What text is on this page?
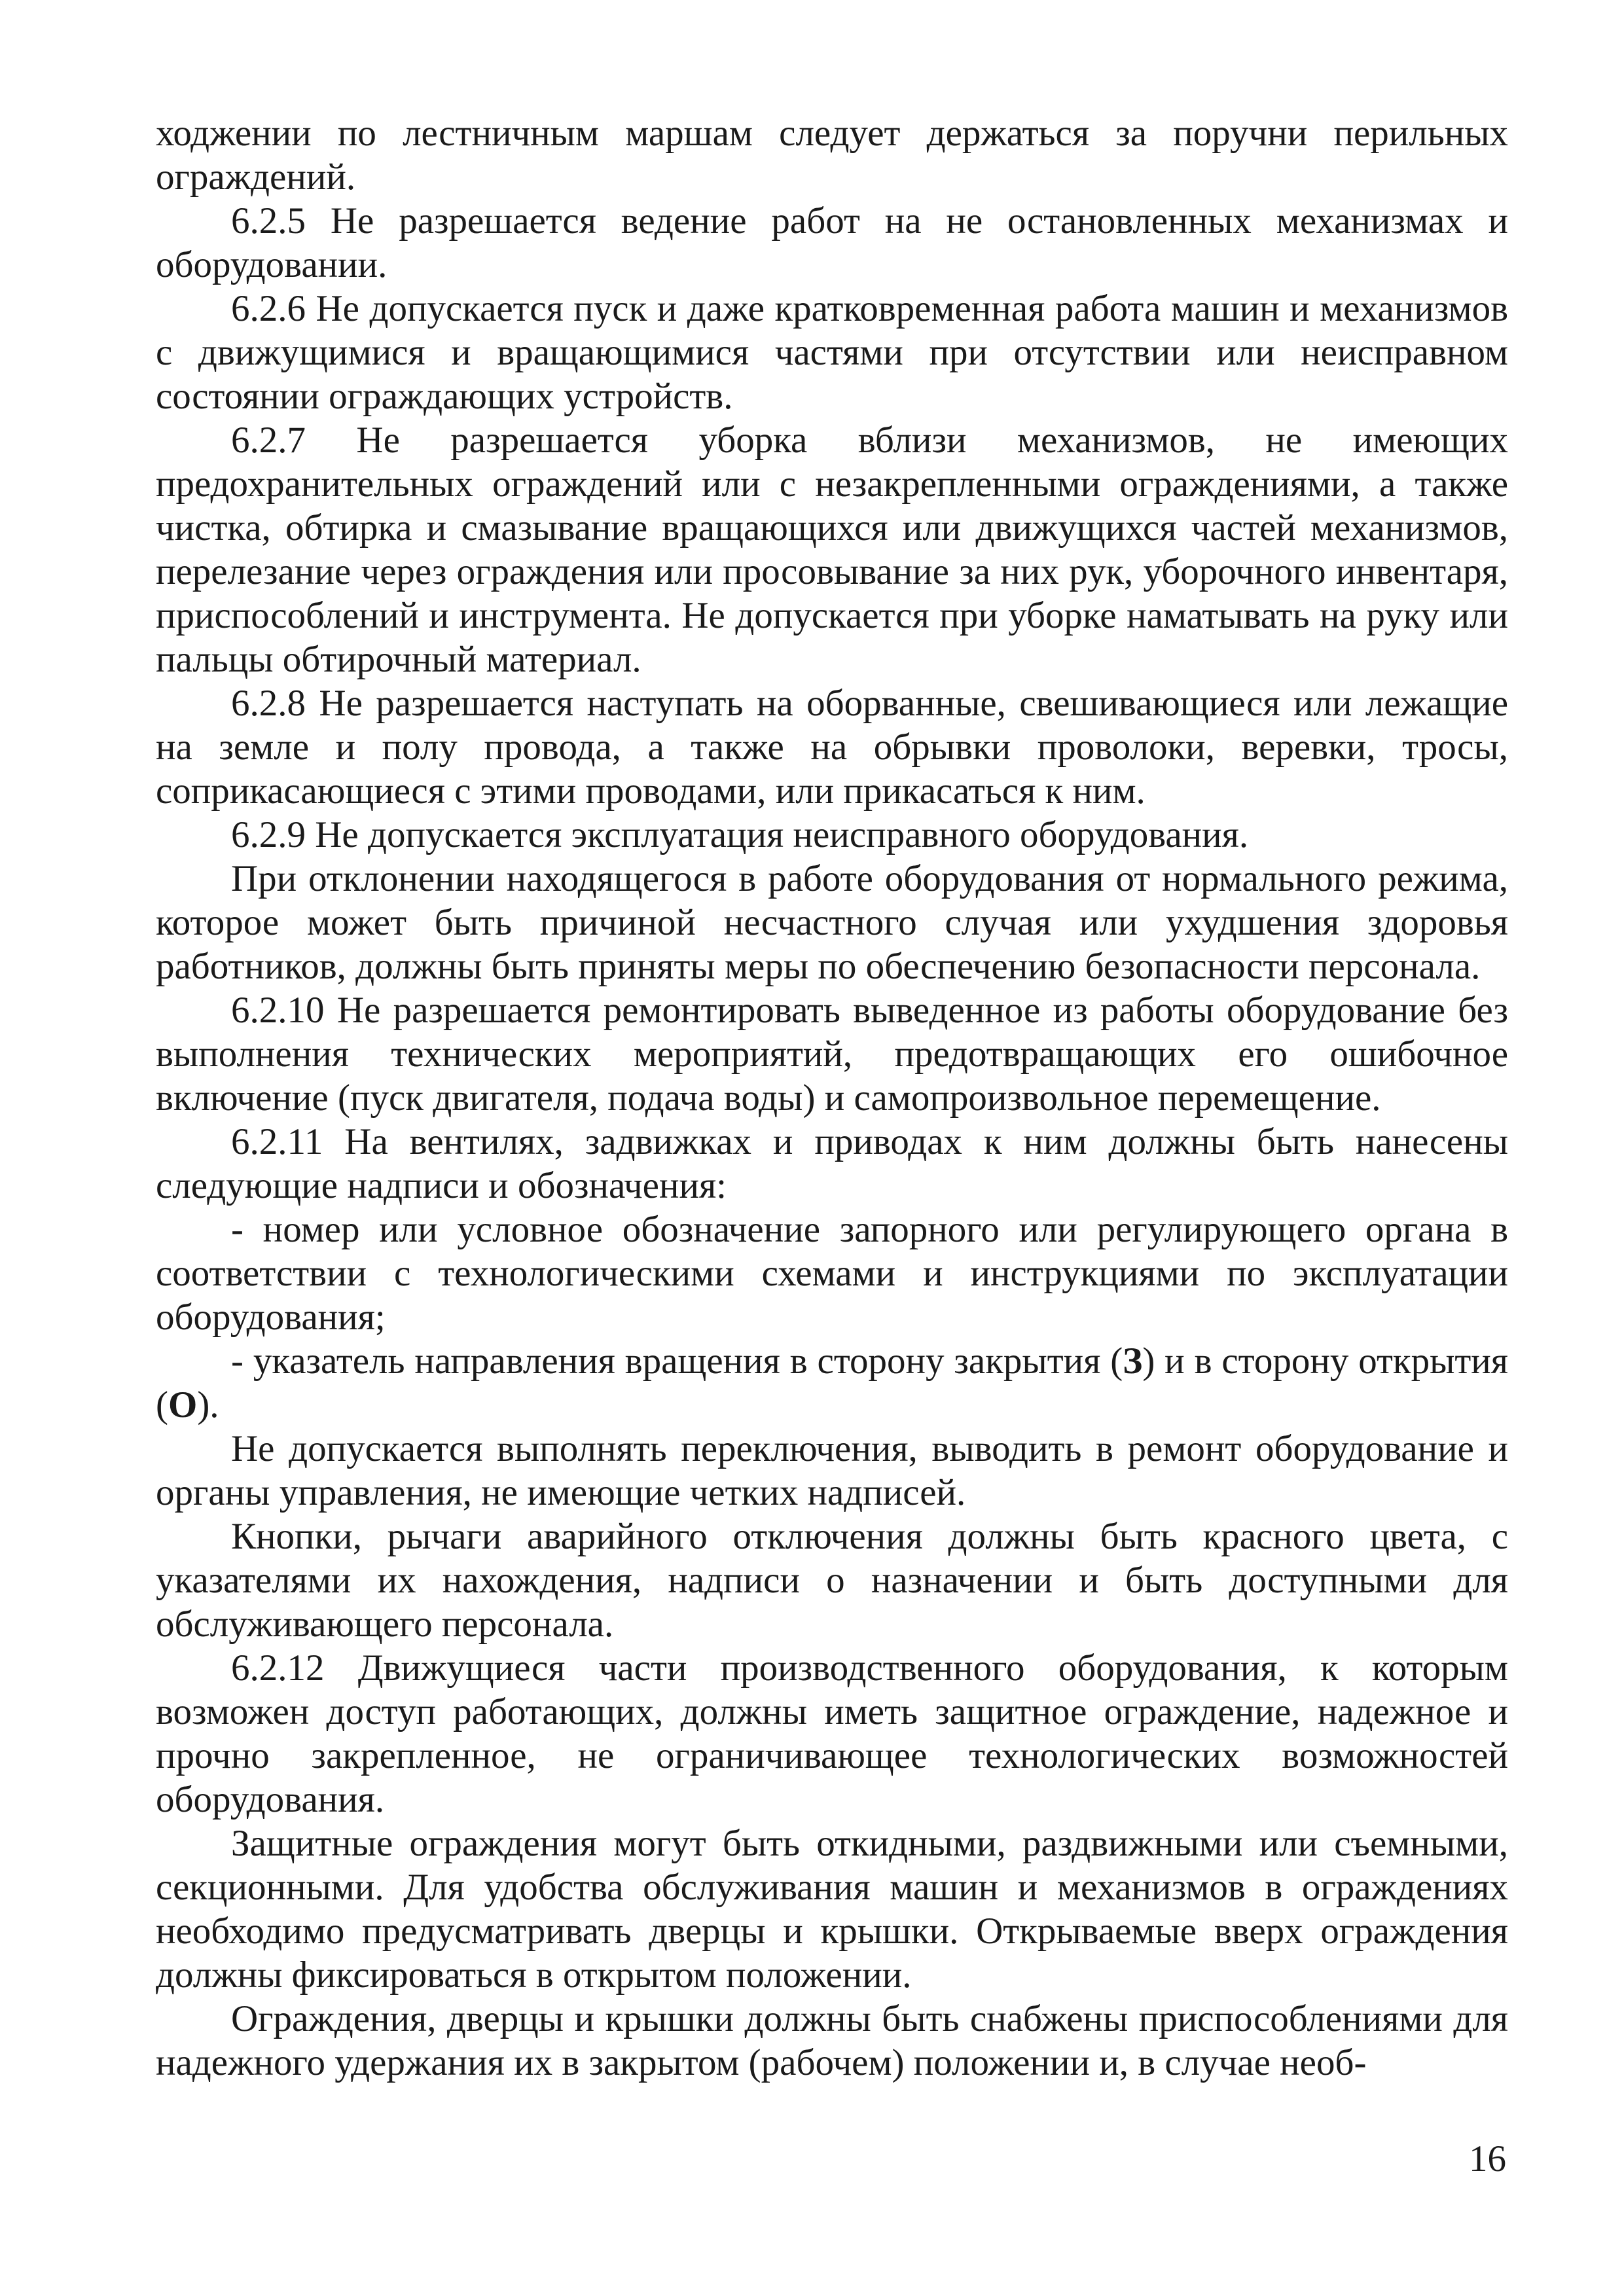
ходжении по лестничным маршам следует держаться за поручни перильных ограждений.

6.2.5 Не разрешается ведение работ на не остановленных механизмах и оборудовании.

6.2.6 Не допускается пуск и даже кратковременная работа машин и механизмов с движущимися и вращающимися частями при отсутствии или неисправном состоянии ограждающих устройств.

6.2.7 Не разрешается уборка вблизи механизмов, не имеющих предохранительных ограждений или с незакрепленными ограждениями, а также чистка, обтирка и смазывание вращающихся или движущихся частей механизмов, перелезание через ограждения или просовывание за них рук, уборочного инвентаря, приспособлений и инструмента. Не допускается при уборке наматывать на руку или пальцы обтирочный материал.

6.2.8 Не разрешается наступать на оборванные, свешивающиеся или лежащие на земле и полу провода, а также на обрывки проволоки, веревки, тросы, соприкасающиеся с этими проводами, или прикасаться к ним.

6.2.9 Не допускается эксплуатация неисправного оборудования.

При отклонении находящегося в работе оборудования от нормального режима, которое может быть причиной несчастного случая или ухудшения здоровья работников, должны быть приняты меры по обеспечению безопасности персонала.

6.2.10 Не разрешается ремонтировать выведенное из работы оборудование без выполнения технических мероприятий, предотвращающих его ошибочное включение (пуск двигателя, подача воды) и самопроизвольное перемещение.

6.2.11 На вентилях, задвижках и приводах к ним должны быть нанесены следующие надписи и обозначения:

- номер или условное обозначение запорного или регулирующего органа в соответствии с технологическими схемами и инструкциями по эксплуатации оборудования;

- указатель направления вращения в сторону закрытия (З) и в сторону открытия (О).

Не допускается выполнять переключения, выводить в ремонт оборудование и органы управления, не имеющие четких надписей.

Кнопки, рычаги аварийного отключения должны быть красного цвета, с указателями их нахождения, надписи о назначении и быть доступными для обслуживающего персонала.

6.2.12 Движущиеся части производственного оборудования, к которым возможен доступ работающих, должны иметь защитное ограждение, надежное и прочно закрепленное, не ограничивающее технологических возможностей оборудования.

Защитные ограждения могут быть откидными, раздвижными или съемными, секционными. Для удобства обслуживания машин и механизмов в ограждениях необходимо предусматривать дверцы и крышки. Открываемые вверх ограждения должны фиксироваться в открытом положении.

Ограждения, дверцы и крышки должны быть снабжены приспособлениями для надежного удержания их в закрытом (рабочем) положении и, в случае необ-

16
